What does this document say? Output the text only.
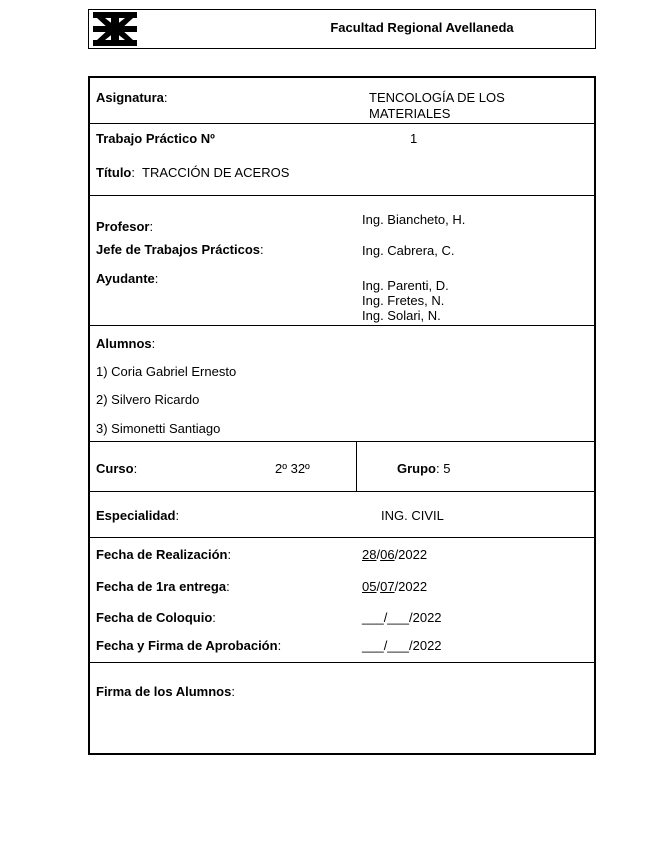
Facultad Regional Avellaneda
Asignatura:	TENCOLOGÍA DE LOS
MATERIALES
Trabajo Práctico Nº	1
Título: TRACCIÓN DE ACEROS
Profesor:	Ing. Biancheto, H.
Jefe de Trabajos Prácticos:	Ing. Cabrera, C.
Ayudante:	Ing. Parenti, D.
Ing. Fretes, N.
Ing. Solari, N.
Alumnos:
1) Coria Gabriel Ernesto
2) Silvero Ricardo
3) Simonetti Santiago
Curso:	2º 32º	Grupo: 5
Especialidad:	ING. CIVIL
Fecha de Realización:	28/06/2022
Fecha de 1ra entrega:	05/07/2022
Fecha de Coloquio:	___/___/2022
Fecha y Firma de Aprobación:	___/___/2022
Firma de los Alumnos:
